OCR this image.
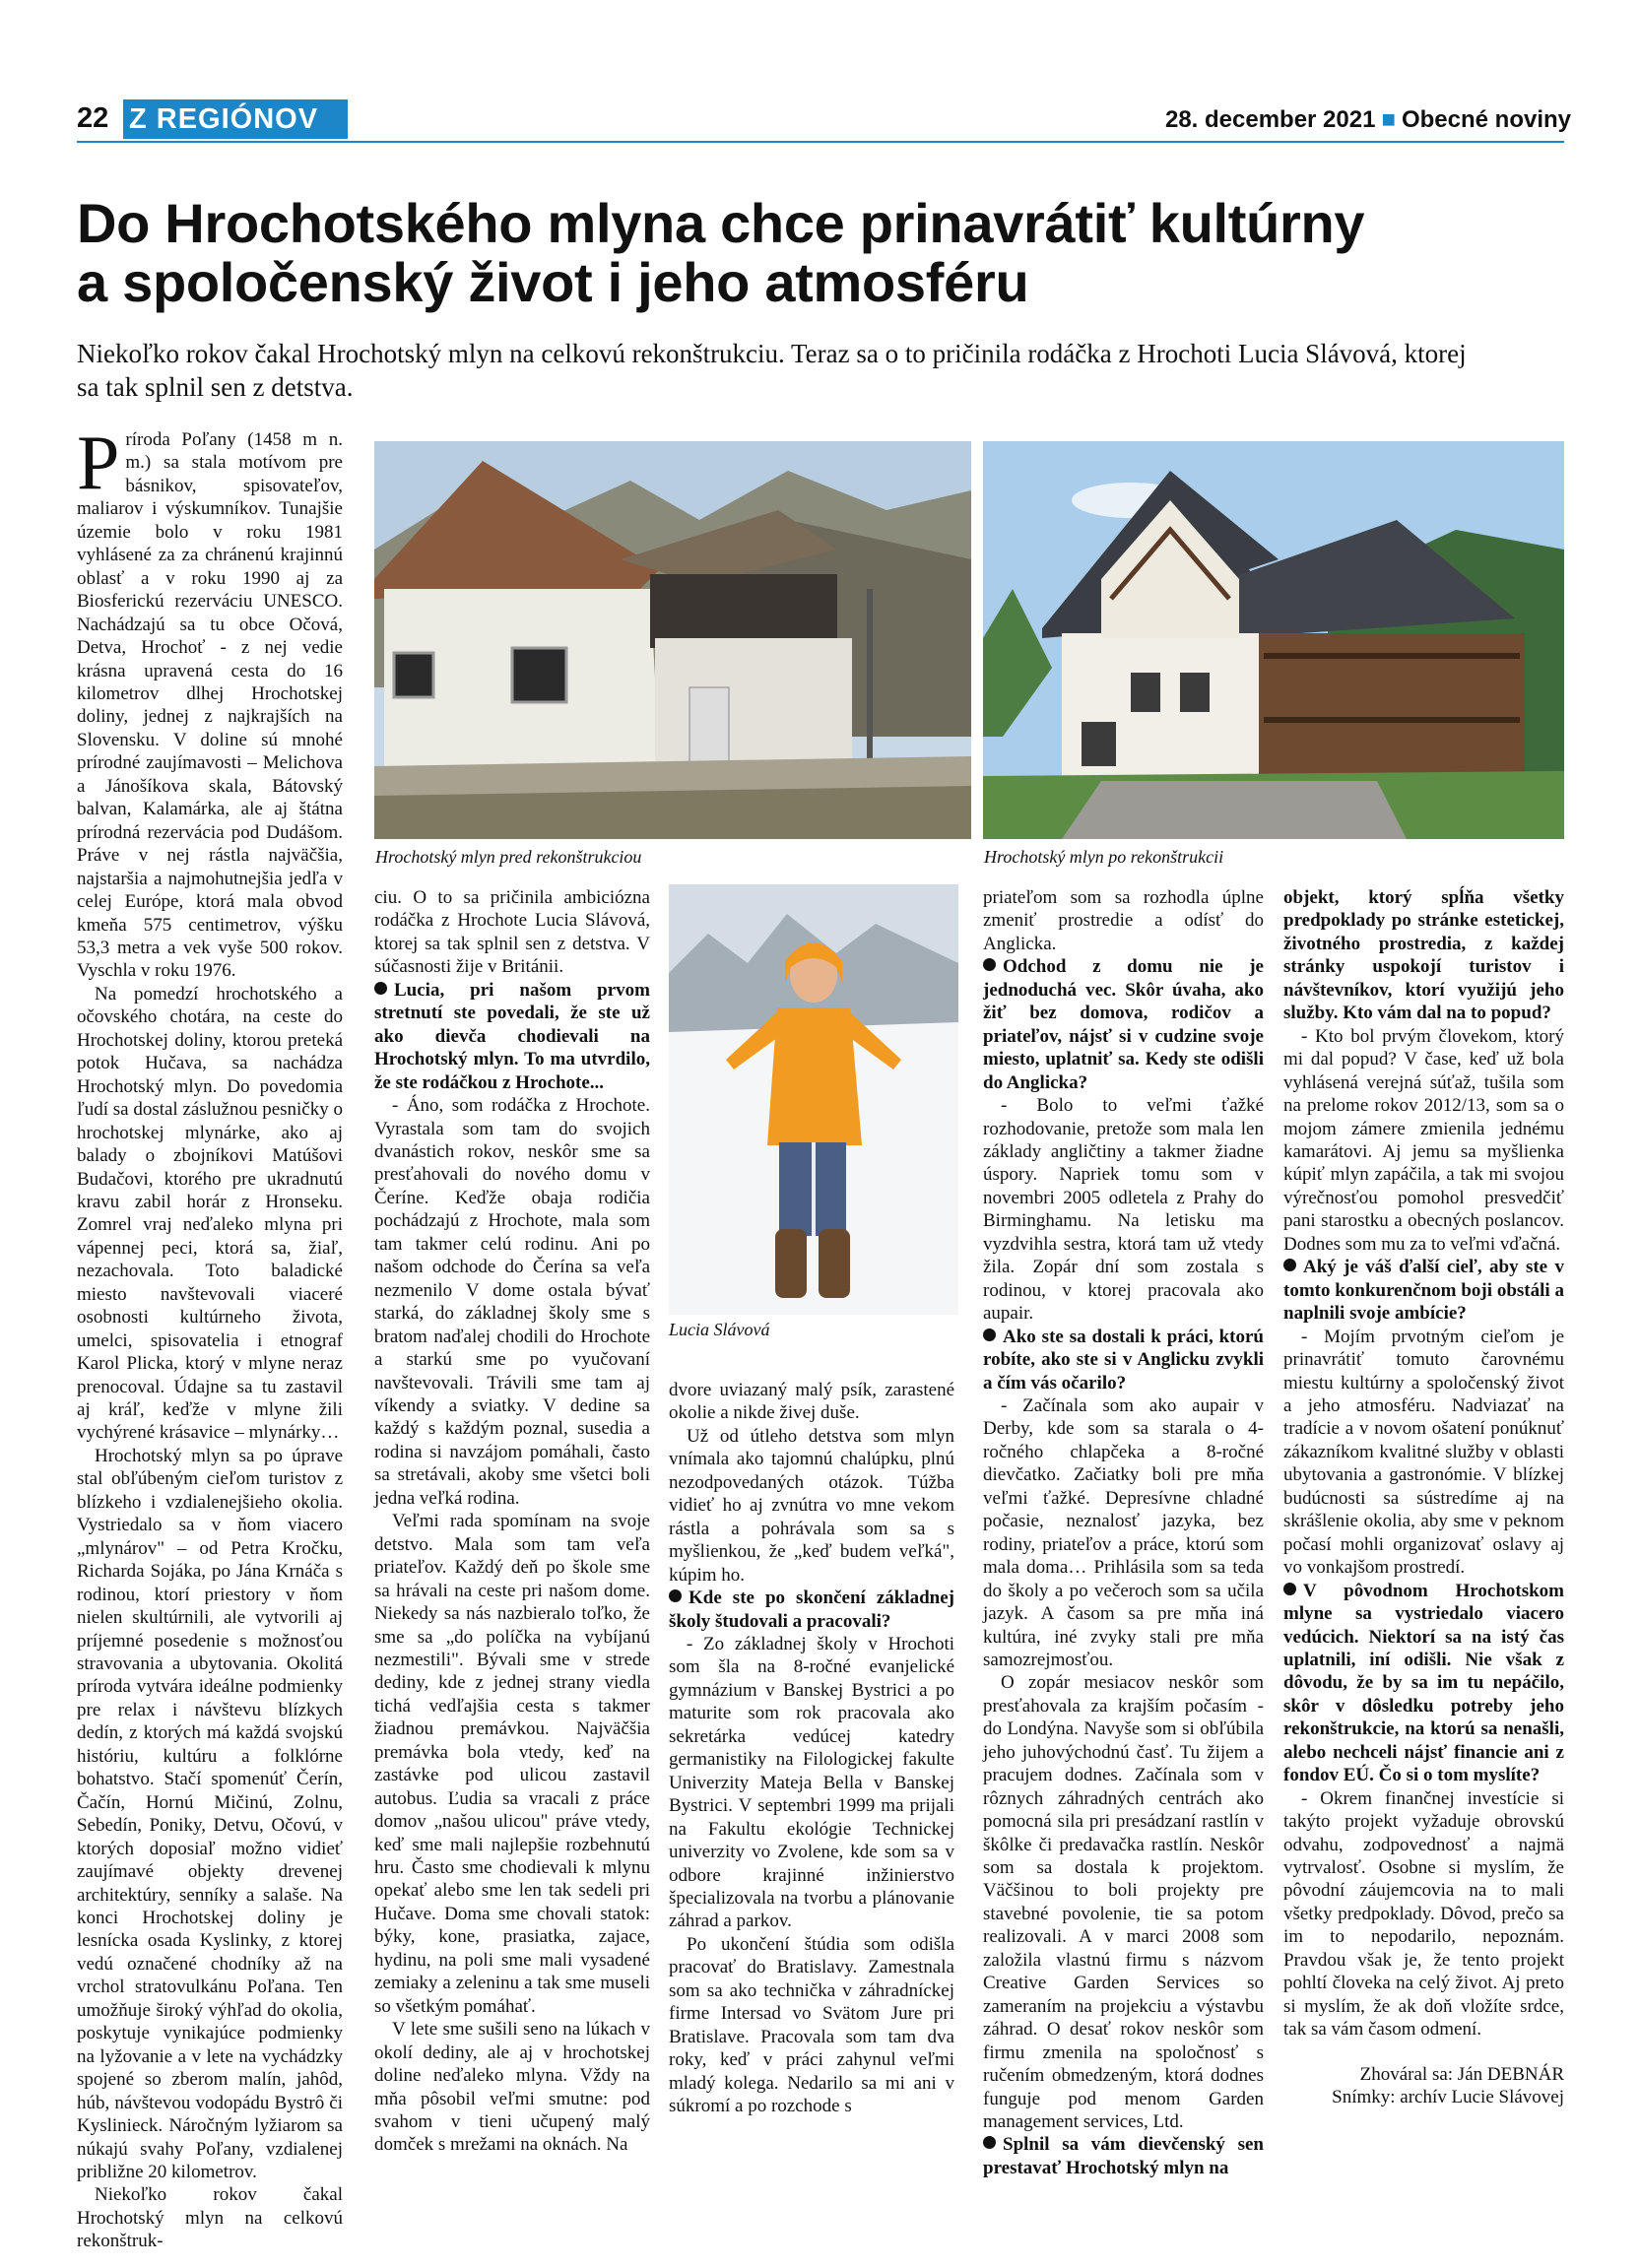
22 Z REGIÓNOV	28. december 2021 ■ Obecné noviny
Do Hrochotského mlyna chce prinavrátiť kultúrny
a spoločenský život i jeho atmosféru
Niekoľko rokov čakal Hrochotský mlyn na celkovú rekonštrukciu. Teraz sa o to pričinila rodáčka z Hrochoti Lucia Slávová, ktorej
sa tak splnil sen z detstva.
Hrochotský mlyn pred rekonštrukciou	Hrochotský mlyn po rekonštrukcii
Lucia Slávová

Príroda Poľany (1458 m n. m.) sa stala motívom pre básnikov, spisovateľov, maliarov i výskumníkov. Tunajšie územie bolo v roku 1981 vyhlásené za za chránenú krajinnú oblasť a v roku 1990 aj za Biosferickú rezerváciu UNESCO. Nachádzajú sa tu obce Očová, Detva, Hrochoť - z nej vedie krásna upravená cesta do 16 kilometrov dlhej Hrochotskej doliny, jednej z najkrajších na Slovensku. V doline sú mnohé prírodné zaujímavosti – Melichova a Jánošíkova skala, Bátovský balvan, Kalamárka, ale aj štátna prírodná rezervácia pod Dudášom. Práve v nej rástla najväčšia, najstaršia a najmohutnejšia jedľa v celej Európe, ktorá mala obvod kmeňa 575 centimetrov, výšku 53,3 metra a vek vyše 500 rokov. Vyschla v roku 1976.

Na pomedzí hrochotského a očovského chotára, na ceste do Hrochotskej doliny, ktorou preteká potok Hučava, sa nachádza Hrochotský mlyn. Do povedomia ľudí sa dostal záslužnou pesničky o hrochotskej mlynárke, ako aj balady o zbojníkovi Matúšovi Budačovi, ktorého pre ukradnutú kravu zabil horár z Hronseku. Zomrel vraj neďaleko mlyna pri vápennej peci, ktorá sa, žiaľ, nezachovala. Toto baladické miesto navštevovali viaceré osobnosti kultúrneho života, umelci, spisovatelia i etnograf Karol Plicka, ktorý v mlyne neraz prenocoval. Údajne sa tu zastavil aj kráľ, keďže v mlyne žili vychýrené krásavice – mlynárky…

Hrochotský mlyn sa po úprave stal obľúbeným cieľom turistov z blízkeho i vzdialenejšieho okolia. Vystriedalo sa v ňom viacero „mlynárov" – od Petra Kročku, Richarda Sojáka, po Jána Krnáča s rodinou, ktorí priestory v ňom nielen skultúrnili, ale vytvorili aj príjemné posedenie s možnosťou stravovania a ubytovania. Okolitá príroda vytvára ideálne podmienky pre relax i návštevu blízkych dedín, z ktorých má každá svojskú históriu, kultúru a folklórne bohatstvo. Stačí spomenúť Čerín, Čačín, Hornú Mičinú, Zolnu, Sebedín, Poniky, Detvu, Očovú, v ktorých doposiaľ možno vidieť zaujímavé objekty drevenej architektúry, senníky a salaše. Na konci Hrochotskej doliny je lesnícka osada Kyslinky, z ktorej vedú označené chodníky až na vrchol stratovulkánu Poľana. Ten umožňuje široký výhľad do okolia, poskytuje vynikajúce podmienky na lyžovanie a v lete na vychádzky spojené so zberom malín, jahôd, húb, návštevou vodopádu Bystrô či Kyslinieck. Náročným lyžiarom sa núkajú svahy Poľany, vzdialenej približne 20 kilometrov.

Niekoľko rokov čakal Hrochotský mlyn na celkovú rekonštruk-

ciu. O to sa pričinila ambiciózna rodáčka z Hrochote Lucia Slávová, ktorej sa tak splnil sen z detstva. V súčasnosti žije v Británii.

Lucia, pri našom prvom stretnutí ste povedali, že ste už ako dievča chodievali na Hrochotský mlyn. To ma utvrdilo, že ste rodáčkou z Hrochote...

- Áno, som rodáčka z Hrochote. Vyrastala som tam do svojich dvanástich rokov, neskôr sme sa presťahovali do nového domu v Čeríne. Keďže obaja rodičia pochádzajú z Hrochote, mala som tam takmer celú rodinu. Ani po našom odchode do Čerína sa veľa nezmenilo V dome ostala bývať starká, do základnej školy sme s bratom naďalej chodili do Hrochote a starkú sme po vyučovaní navštevovali. Trávili sme tam aj víkendy a sviatky. V dedine sa každý s každým poznal, susedia a rodina si navzájom pomáhali, často sa stretávali, akoby sme všetci boli jedna veľká rodina.

Veľmi rada spomínam na svoje detstvo. Mala som tam veľa priateľov. Každý deň po škole sme sa hrávali na ceste pri našom dome. Niekedy sa nás nazbieralo toľko, že sme sa „do políčka na vybíjanú nezmestili". Bývali sme v strede dediny, kde z jednej strany viedla tichá vedľajšia cesta s takmer žiadnou premávkou. Najväčšia premávka bola vtedy, keď na zastávke pod ulicou zastavil autobus. Ľudia sa vracali z práce domov „našou ulicou" práve vtedy, keď sme mali najlepšie rozbehnutú hru. Často sme chodievali k mlynu opekať alebo sme len tak sedeli pri Hučave. Doma sme chovali statok: býky, kone, prasiatka, zajace, hydinu, na poli sme mali vysadené zemiaky a zeleninu a tak sme museli so všetkým pomáhať.

V lete sme sušili seno na lúkach v okolí dediny, ale aj v hrochotskej doline neďaleko mlyna. Vždy na mňa pôsobil veľmi smutne: pod svahom v tieni učupený malý domček s mrežami na oknách. Na

dvore uviazaný malý psík, zarastené okolie a nikde živej duše.

Už od útleho detstva som mlyn vnímala ako tajomnú chalúpku, plnú nezodpovedaných otázok. Túžba vidieť ho aj zvnútra vo mne vekom rástla a pohrávala som sa s myšlienkou, že „keď budem veľká", kúpim ho.

Kde ste po skončení základnej školy študovali a pracovali?

- Zo základnej školy v Hrochoti som šla na 8-ročné evanjelické gymnázium v Banskej Bystrici a po maturite som rok pracovala ako sekretárka vedúcej katedry germanistiky na Filologickej fakulte Univerzity Mateja Bella v Banskej Bystrici. V septembri 1999 ma prijali na Fakultu ekológie Technickej univerzity vo Zvolene, kde som sa v odbore krajinné inžinierstvo špecializovala na tvorbu a plánovanie záhrad a parkov.

Po ukončení štúdia som odišla pracovať do Bratislavy. Zamestnala som sa ako technička v záhradníckej firme Intersad vo Svätom Jure pri Bratislave. Pracovala som tam dva roky, keď v práci zahynul veľmi mladý kolega. Nedarilo sa mi ani v súkromí a po rozchode s

priateľom som sa rozhodla úplne zmeniť prostredie a odísť do Anglicka.

Odchod z domu nie je jednoduchá vec. Skôr úvaha, ako žiť bez domova, rodičov a priateľov, nájsť si v cudzine svoje miesto, uplatniť sa. Kedy ste odišli do Anglicka?

- Bolo to veľmi ťažké rozhodovanie, pretože som mala len základy angličtiny a takmer žiadne úspory. Napriek tomu som v novembri 2005 odletela z Prahy do Birminghamu. Na letisku ma vyzdvihla sestra, ktorá tam už vtedy žila. Zopár dní som zostala s rodinou, v ktorej pracovala ako aupair.

Ako ste sa dostali k práci, ktorú robíte, ako ste si v Anglicku zvykli a čím vás očarilo?

- Začínala som ako aupair v Derby, kde som sa starala o 4-ročného chlapčeka a 8-ročné dievčatko. Začiatky boli pre mňa veľmi ťažké. Depresívne chladné počasie, neznalosť jazyka, bez rodiny, priateľov a práce, ktorú som mala doma… Prihlásila som sa teda do školy a po večeroch som sa učila jazyk. A časom sa pre mňa iná kultúra, iné zvyky stali pre mňa samozrejmosťou.

O zopár mesiacov neskôr som presťahovala za krajším počasím - do Londýna. Navyše som si obľúbila jeho juhovýchodnú časť. Tu žijem a pracujem dodnes. Začínala som v rôznych záhradných centrách ako pomocná sila pri presádzaní rastlín v škôlke či predavačka rastlín. Neskôr som sa dostala k projektom. Väčšinou to boli projekty pre stavebné povolenie, tie sa potom realizovali. A v marci 2008 som založila vlastnú firmu s názvom Creative Garden Services so zameraním na projekciu a výstavbu záhrad. O desať rokov neskôr som firmu zmenila na spoločnosť s ručením obmedzeným, ktorá dodnes funguje pod menom Garden management services, Ltd.

Splnil sa vám dievčenský sen prestavať Hrochotský mlyn na

objekt, ktorý spĺňa všetky predpoklady po stránke estetickej, životného prostredia, z každej stránky uspokojí turistov i návštevníkov, ktorí využijú jeho služby. Kto vám dal na to popud?

- Kto bol prvým človekom, ktorý mi dal popud? V čase, keď už bola vyhlásená verejná súťaž, tušila som na prelome rokov 2012/13, som sa o mojom zámere zmienila jednému kamarátovi. Aj jemu sa myšlienka kúpiť mlyn zapáčila, a tak mi svojou výrečnosťou pomohol presvedčiť pani starostku a obecných poslancov. Dodnes som mu za to veľmi vďačná.

Aký je váš ďalší cieľ, aby ste v tomto konkurenčnom boji obstáli a naplnili svoje ambície?

- Mojím prvotným cieľom je prinavrátiť tomuto čarovnému miestu kultúrny a spoločenský život a jeho atmosféru. Nadviazať na tradície a v novom ošatení ponúknuť zákazníkom kvalitné služby v oblasti ubytovania a gastronómie. V blízkej budúcnosti sa sústredíme aj na skrášlenie okolia, aby sme v peknom počasí mohli organizovať oslavy aj vo vonkajšom prostredí.

V pôvodnom Hrochotskom mlyne sa vystriedalo viacero vedúcich. Niektorí sa na istý čas uplatnili, iní odišli. Nie však z dôvodu, že by sa im tu nepáčilo, skôr v dôsledku potreby jeho rekonštrukcie, na ktorú sa nenašli, alebo nechceli nájsť financie ani z fondov EÚ. Čo si o tom myslíte?

- Okrem finančnej investície si takýto projekt vyžaduje obrovskú odvahu, zodpovednosť a najmä vytrvalosť. Osobne si myslím, že pôvodní záujemcovia na to mali všetky predpoklady. Dôvod, prečo sa im to nepodarilo, nepoznám. Pravdou však je, že tento projekt pohltí človeka na celý život. Aj preto si myslím, že ak doň vložíte srdce, tak sa vám časom odmení.

Zhováral sa: Ján DEBNÁR

Snímky: archív Lucie Slávovej
